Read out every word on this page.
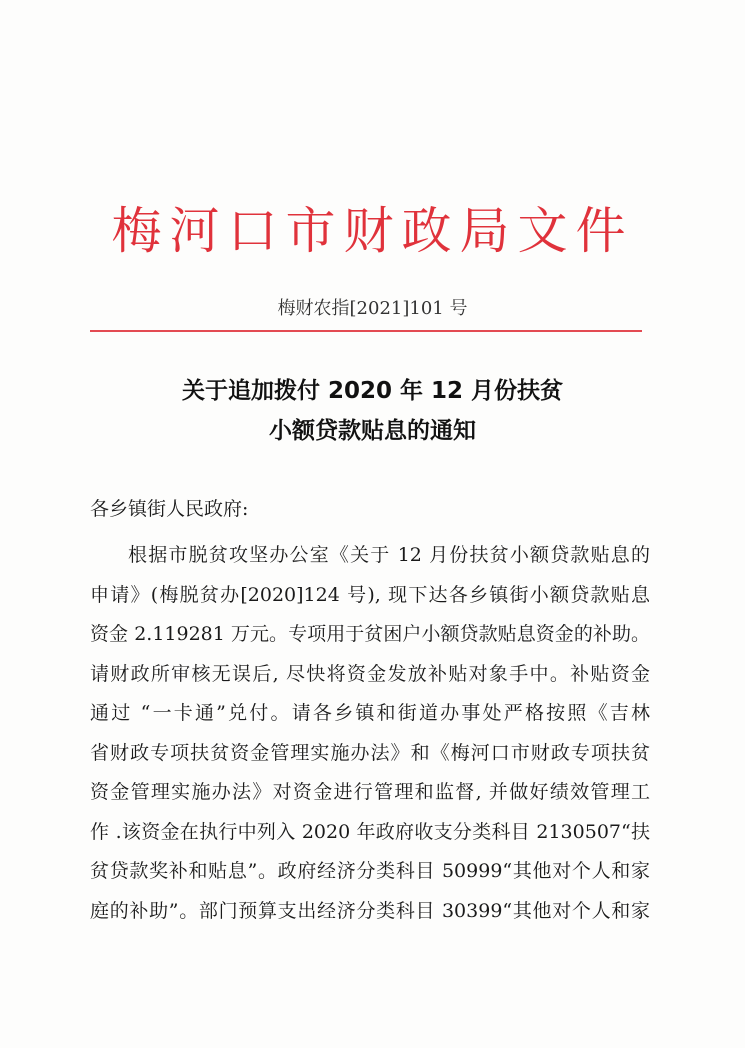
梅河口市财政局文件
梅财农指[2021]101 号
关于追加拨付 2020 年 12 月份扶贫
小额贷款贴息的通知
各乡镇街人民政府:
根据市脱贫攻坚办公室《关于 12 月份扶贫小额贷款贴息的
申请》(梅脱贫办[2020]124 号), 现下达各乡镇街小额贷款贴息
资金 2.119281 万元。专项用于贫困户小额贷款贴息资金的补助。
请财政所审核无误后, 尽快将资金发放补贴对象手中。补贴资金
通过 “一卡通”兑付。请各乡镇和街道办事处严格按照《吉林
省财政专项扶贫资金管理实施办法》和《梅河口市财政专项扶贫
资金管理实施办法》对资金进行管理和监督, 并做好绩效管理工
作 .该资金在执行中列入 2020 年政府收支分类科目 2130507“扶
贫贷款奖补和贴息”。政府经济分类科目 50999“其他对个人和家
庭的补助”。部门预算支出经济分类科目 30399“其他对个人和家
